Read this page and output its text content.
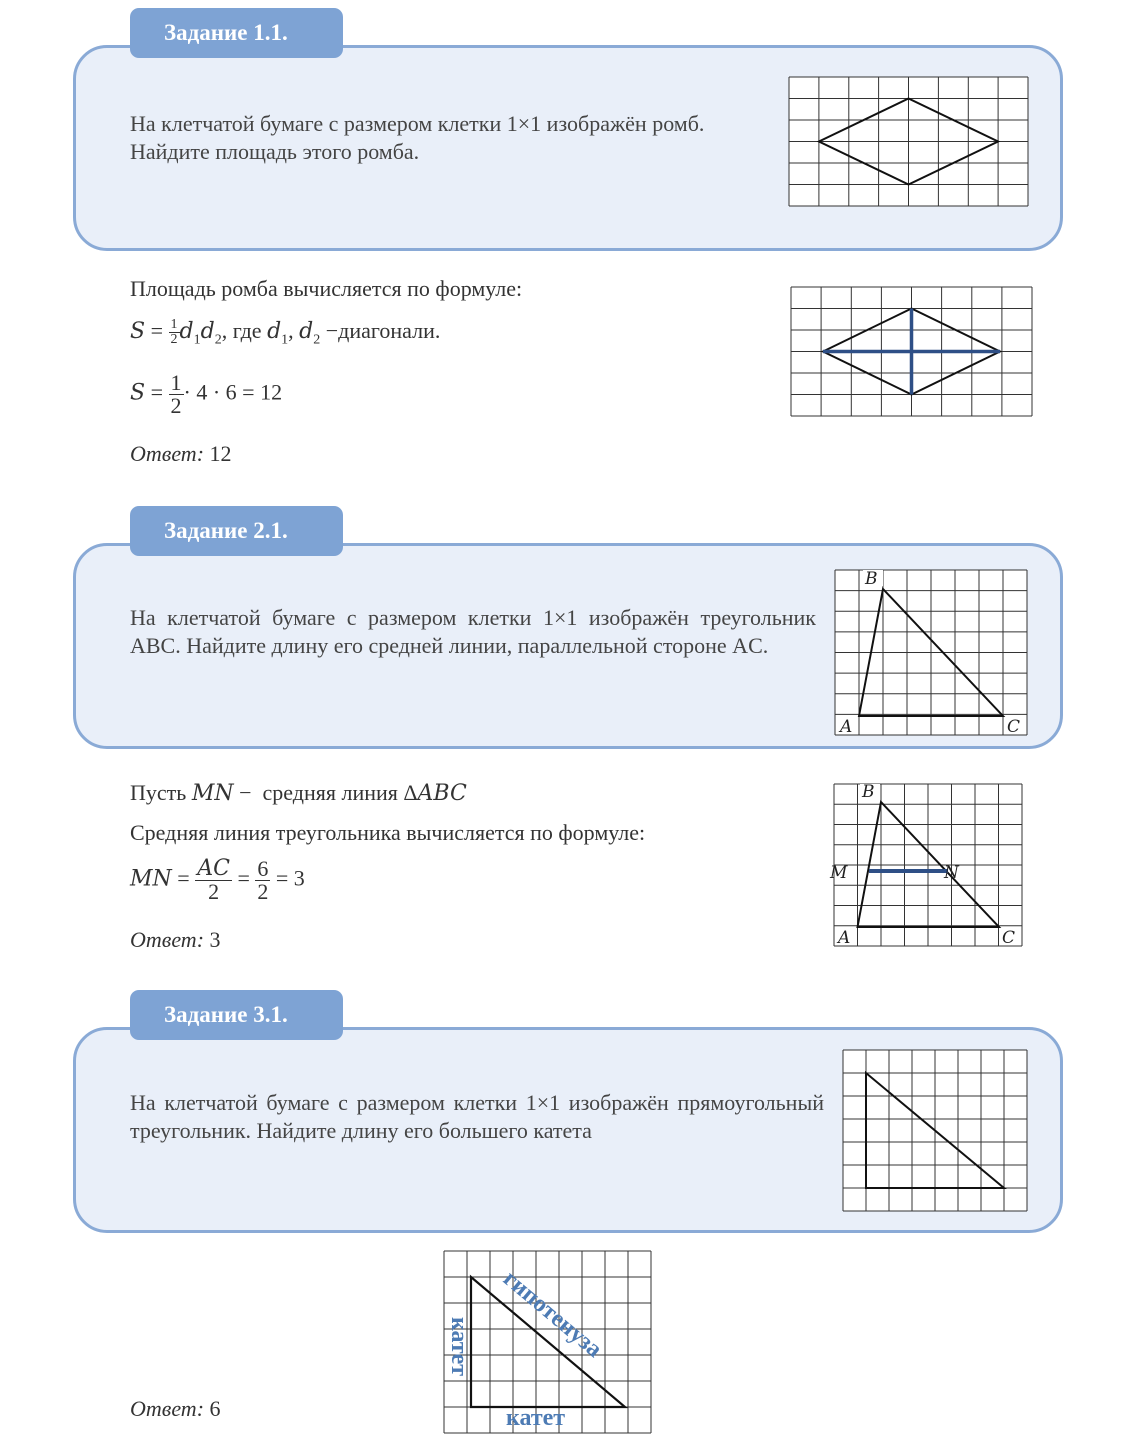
Задание 1.1.
На клетчатой бумаге с размером клетки 1×1 изображён ромб. Найдите площадь этого ромба.
Площадь ромба вычисляется по формуле:
$S = \frac{1}{2} d_1d_2$, где $d_1$, $d_2$ −диагонали.
$S = \frac{1}{2} \cdot 4 \cdot 6 = 12$
Ответ: 12
Задание 2.1.
На клетчатой бумаге с размером клетки 1×1 изображён треугольник ABC. Найдите длину его средней линии, параллельной стороне AC.
B
A	C
Пусть MN −  средняя линия ΔABC
Средняя линия треугольника вычисляется по формуле:
MN = $\frac{AC}{2} = \frac{6}{2} = 3$
Ответ: 3
B
A	C
M	N
Задание 3.1.
На клетчатой бумаге с размером клетки 1×1 изображён прямоугольный треугольник. Найдите длину его большего катета
Ответ: 6
гипотенуза
катет
катет
